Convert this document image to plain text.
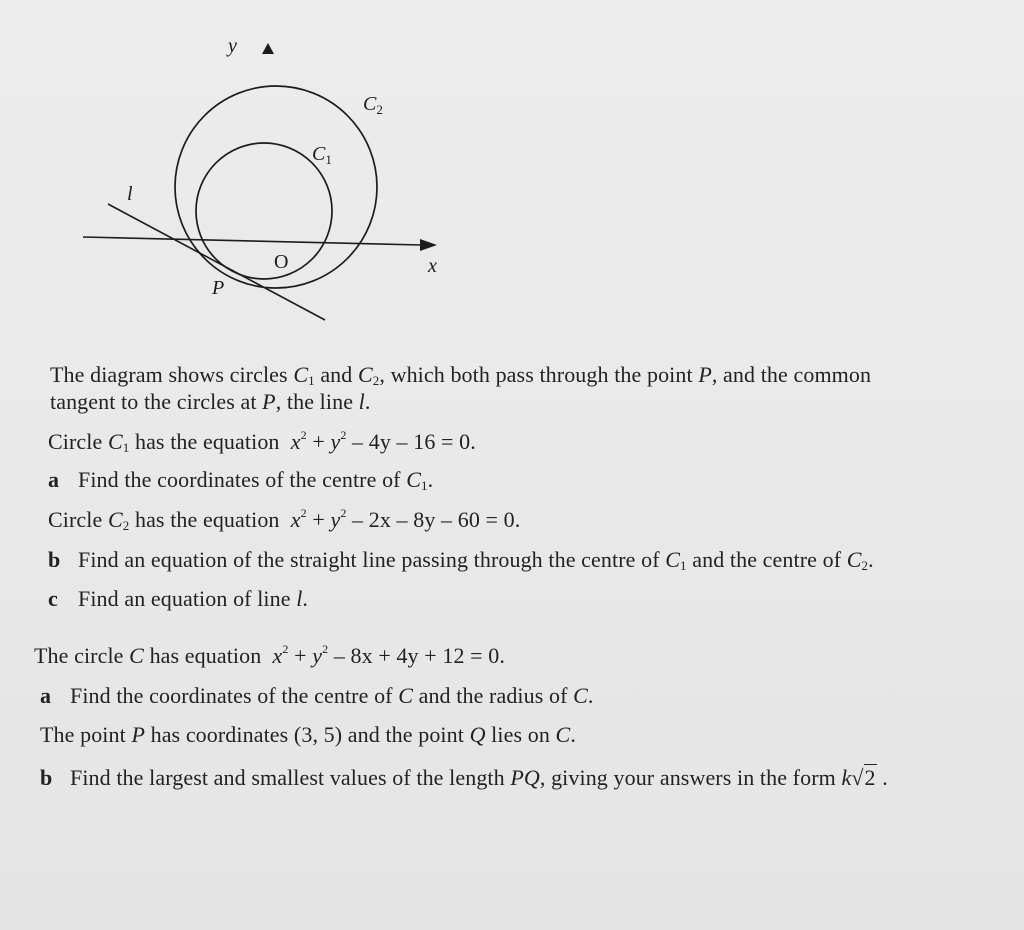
y
x
$C_2$
$C_1$
l
O
P
The diagram shows circles $C_1$ and $C_2$, which both pass through the point P, and the common
tangent to the circles at P, the line l.
Circle $C_1$ has the equation $x^2 + y^2 - 4y - 16 = 0$.
a Find the coordinates of the centre of $C_1$.
Circle $C_2$ has the equation $x^2 + y^2 - 2x - 8y - 60 = 0$.
b Find an equation of the straight line passing through the centre of $C_1$ and the centre of $C_2$.
c Find an equation of line l.
The circle C has equation $x^2 + y^2 - 8x + 4y + 12 = 0$.
a Find the coordinates of the centre of C and the radius of C.
The point P has coordinates (3, 5) and the point Q lies on C.
b Find the largest and smallest values of the length PQ, giving your answers in the form k√2 .
